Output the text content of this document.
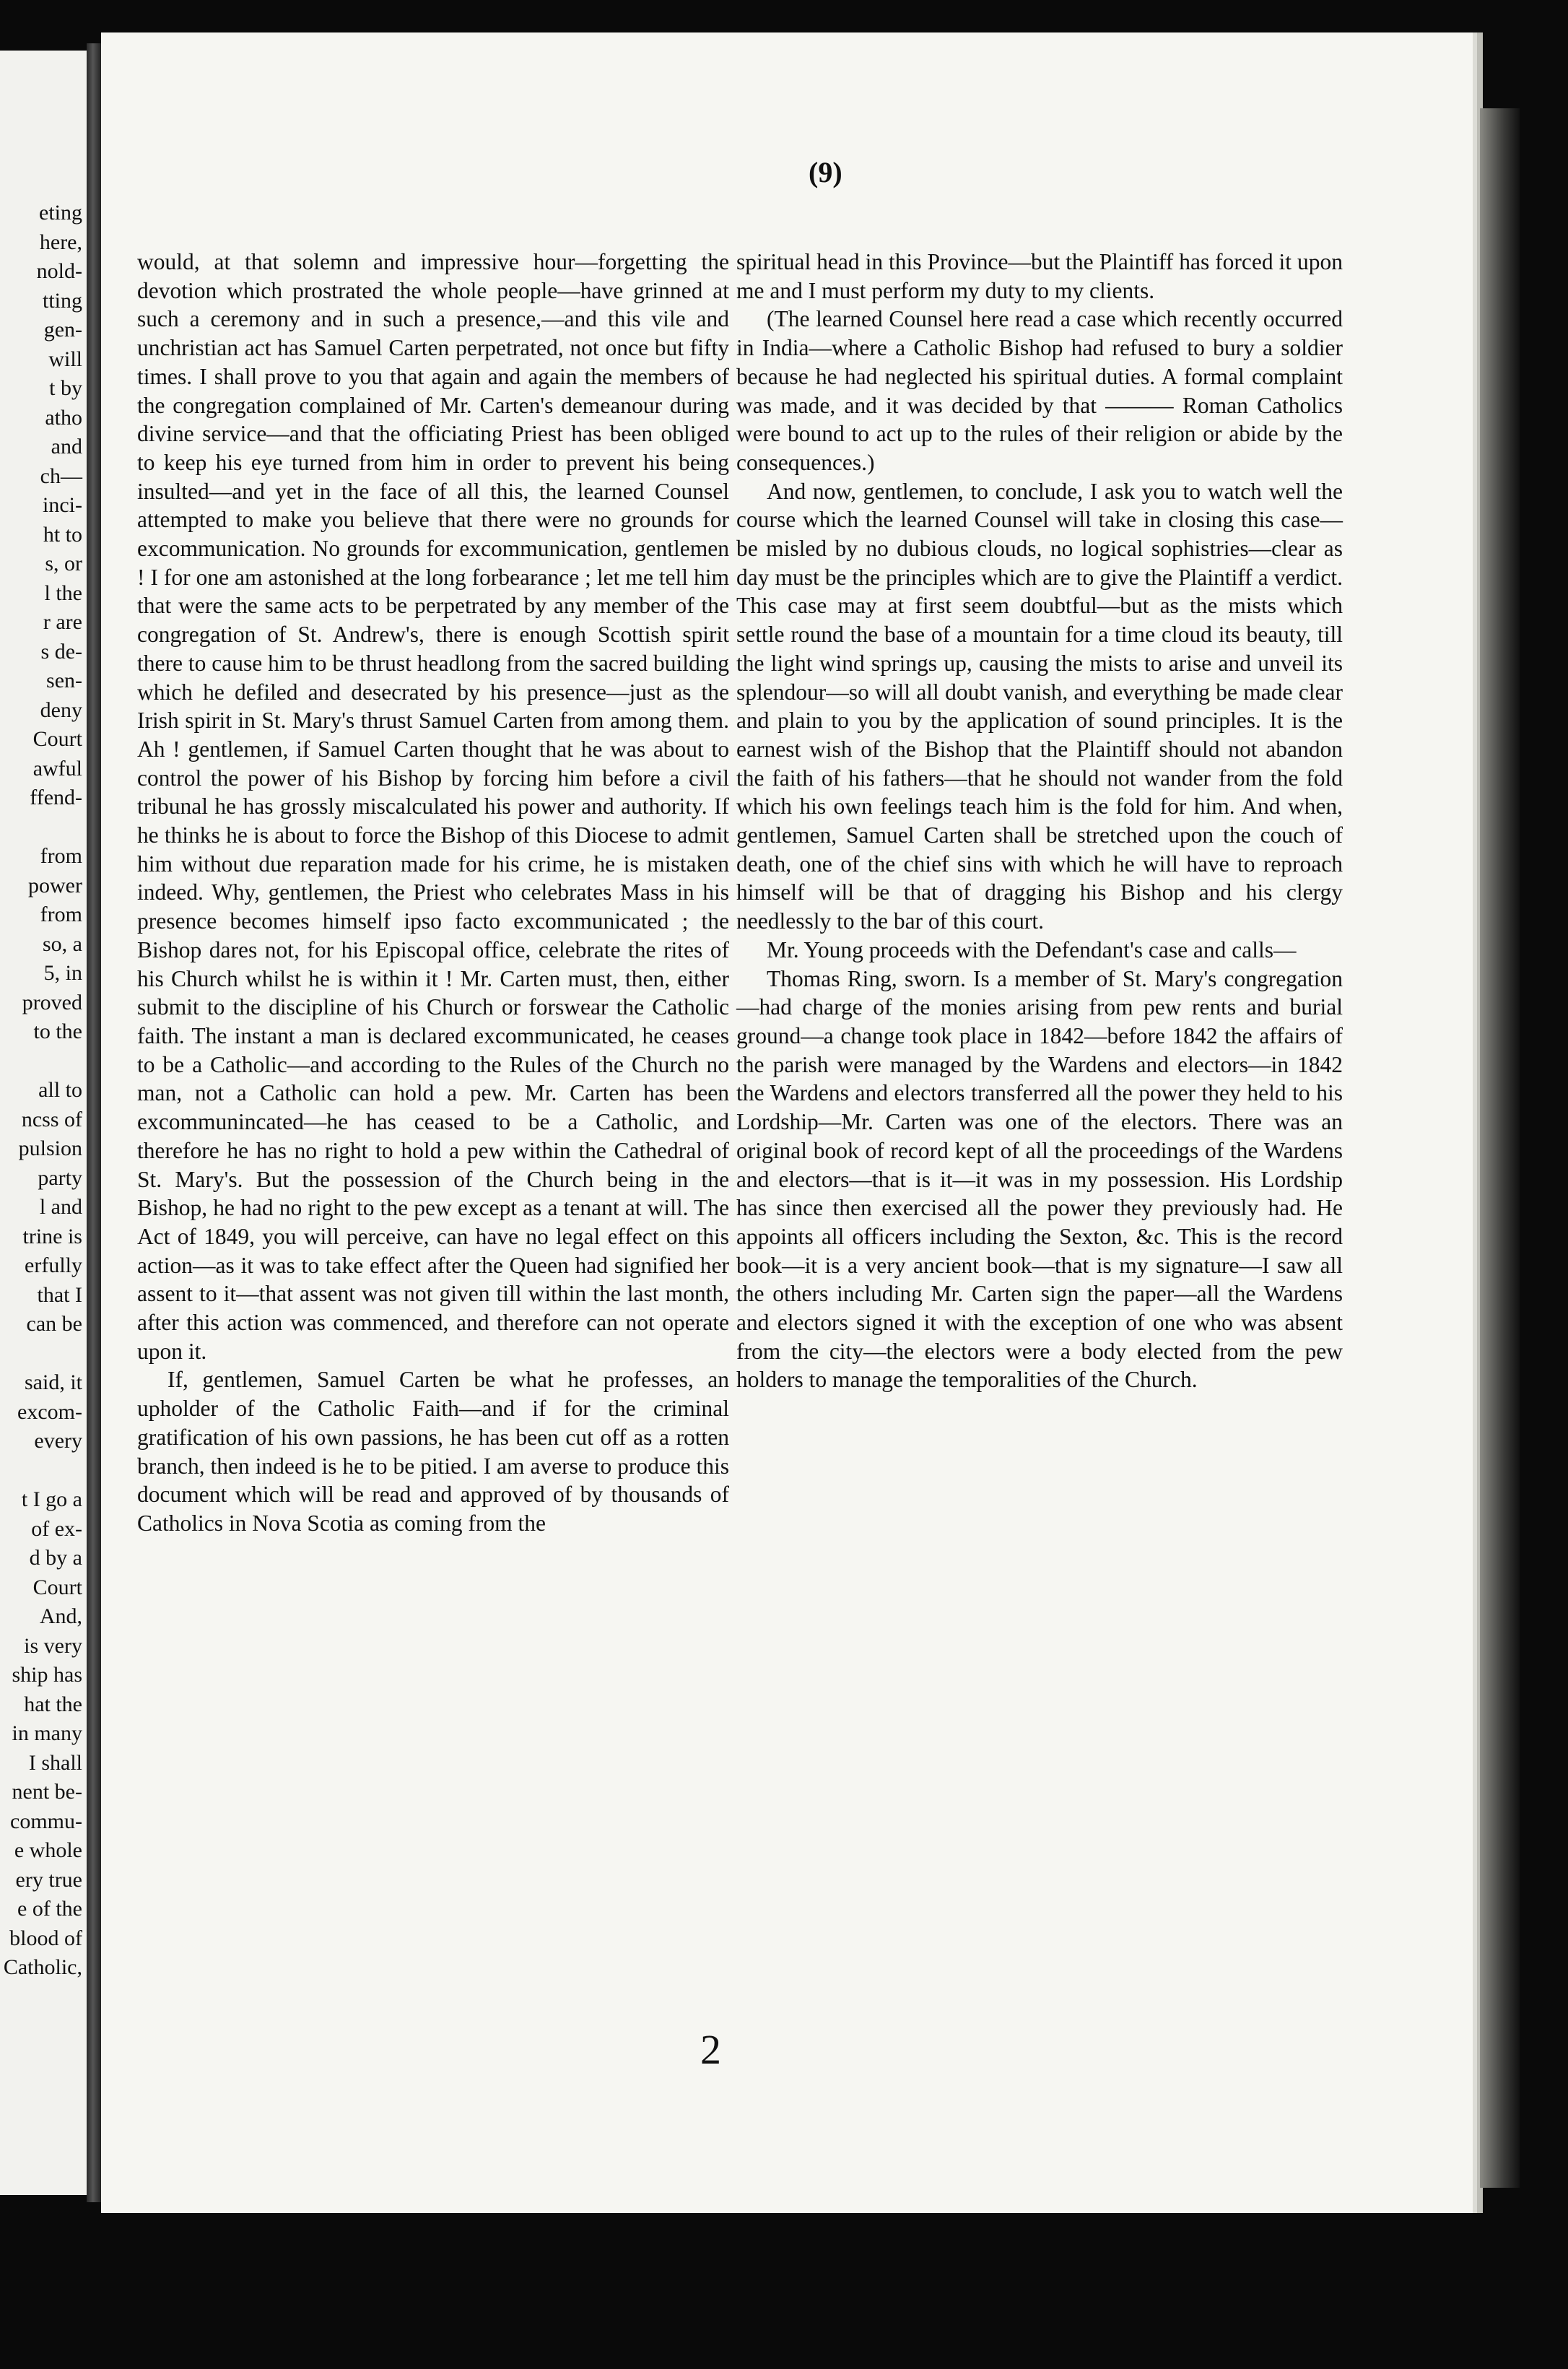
eting
here,
nold-
tting
gen-
will
t by
atho
and
ch—
inci-
ht to
s, or
l the
r are
s de-
sen-
deny
Court
awful
ffend-

from
power
from
so, a
5, in
proved
to the

all to
ncss of
pulsion
party
l and
trine is
erfully
that I
can be

said, it
excom-
every

t I go a
of ex-
d by a
Court
And,
is very
ship has
hat the
in many
I shall
nent be-
commu-
e whole
ery true
e of the
blood of
Catholic,
(9)

would, at that solemn and impressive hour—forgetting the devotion which prostrated the whole people—have grinned at such a ceremony and in such a presence,—and this vile and unchristian act has Samuel Carten perpetrated, not once but fifty times. I shall prove to you that again and again the members of the congregation complained of Mr. Carten's demeanour during divine service—and that the officiating Priest has been obliged to keep his eye turned from him in order to prevent his being insulted—and yet in the face of all this, the learned Counsel attempted to make you believe that there were no grounds for excommunication. No grounds for excommunication, gentlemen ! I for one am astonished at the long forbearance ; let me tell him that were the same acts to be perpetrated by any member of the congregation of St. Andrew's, there is enough Scottish spirit there to cause him to be thrust headlong from the sacred building which he defiled and desecrated by his presence—just as the Irish spirit in St. Mary's thrust Samuel Carten from among them. Ah ! gentlemen, if Samuel Carten thought that he was about to control the power of his Bishop by forcing him before a civil tribunal he has grossly miscalculated his power and authority. If he thinks he is about to force the Bishop of this Diocese to admit him without due reparation made for his crime, he is mistaken indeed. Why, gentlemen, the Priest who celebrates Mass in his presence becomes himself ipso facto excommunicated ; the Bishop dares not, for his Episcopal office, celebrate the rites of his Church whilst he is within it ! Mr. Carten must, then, either submit to the discipline of his Church or forswear the Catholic faith. The instant a man is declared excommunicated, he ceases to be a Catholic—and according to the Rules of the Church no man, not a Catholic can hold a pew. Mr. Carten has been excommunincated—he has ceased to be a Catholic, and therefore he has no right to hold a pew within the Cathedral of St. Mary's. But the possession of the Church being in the Bishop, he had no right to the pew except as a tenant at will. The Act of 1849, you will perceive, can have no legal effect on this action—as it was to take effect after the Queen had signified her assent to it—that assent was not given till within the last month, after this action was commenced, and therefore can not operate upon it.

If, gentlemen, Samuel Carten be what he professes, an upholder of the Catholic Faith—and if for the criminal gratification of his own passions, he has been cut off as a rotten branch, then indeed is he to be pitied. I am averse to produce this document which will be read and approved of by thousands of Catholics in Nova Scotia as coming from the

spiritual head in this Province—but the Plaintiff has forced it upon me and I must perform my duty to my clients.

(The learned Counsel here read a case which recently occurred in India—where a Catholic Bishop had refused to bury a soldier because he had neglected his spiritual duties. A formal complaint was made, and it was decided by that ——— Roman Catholics were bound to act up to the rules of their religion or abide by the consequences.)

And now, gentlemen, to conclude, I ask you to watch well the course which the learned Counsel will take in closing this case—be misled by no dubious clouds, no logical sophistries—clear as day must be the principles which are to give the Plaintiff a verdict. This case may at first seem doubtful—but as the mists which settle round the base of a mountain for a time cloud its beauty, till the light wind springs up, causing the mists to arise and unveil its splendour—so will all doubt vanish, and everything be made clear and plain to you by the application of sound principles. It is the earnest wish of the Bishop that the Plaintiff should not abandon the faith of his fathers—that he should not wander from the fold which his own feelings teach him is the fold for him. And when, gentlemen, Samuel Carten shall be stretched upon the couch of death, one of the chief sins with which he will have to reproach himself will be that of dragging his Bishop and his clergy needlessly to the bar of this court.

Mr. Young proceeds with the Defendant's case and calls—

Thomas Ring, sworn. Is a member of St. Mary's congregation—had charge of the monies arising from pew rents and burial ground—a change took place in 1842—before 1842 the affairs of the parish were managed by the Wardens and electors—in 1842 the Wardens and electors transferred all the power they held to his Lordship—Mr. Carten was one of the electors. There was an original book of record kept of all the proceedings of the Wardens and electors—that is it—it was in my possession. His Lordship has since then exercised all the power they previously had. He appoints all officers including the Sexton, &c. This is the record book—it is a very ancient book—that is my signature—I saw all the others including Mr. Carten sign the paper—all the Wardens and electors signed it with the exception of one who was absent from the city—the electors were a body elected from the pew holders to manage the temporalities of the Church.

2
